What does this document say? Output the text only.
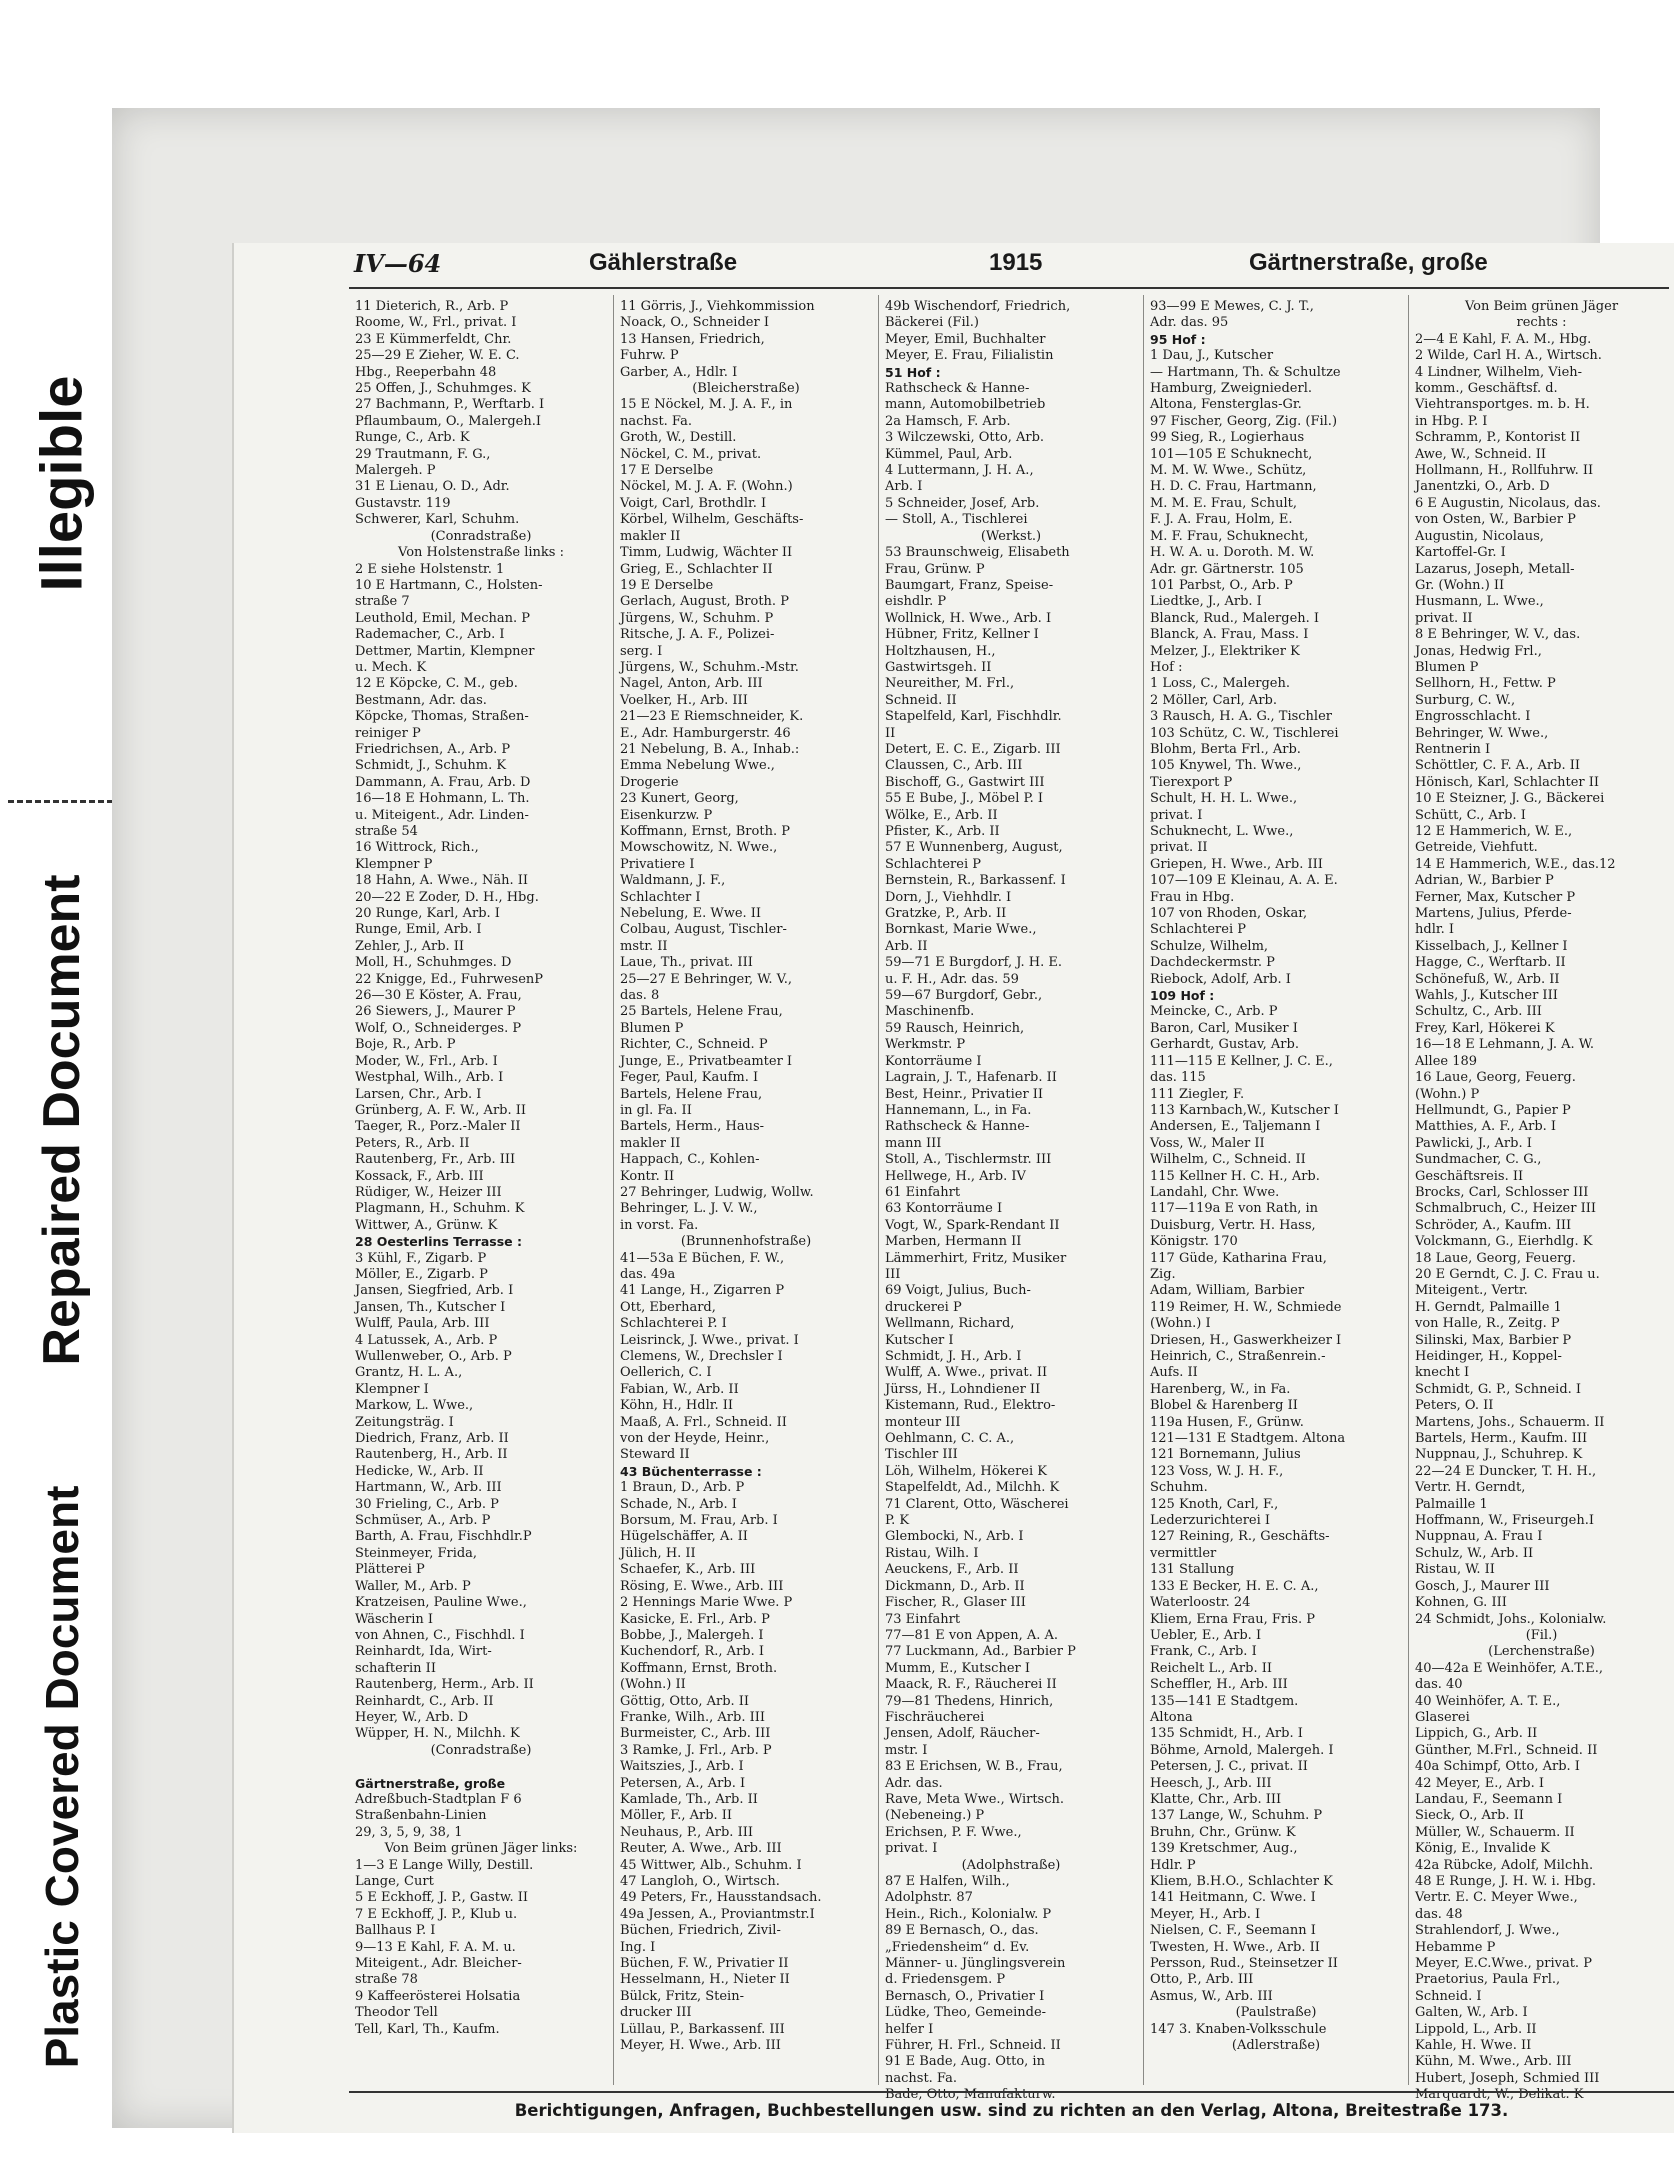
Illegible
Repaired Document
Plastic Covered Document
IV—64	Gählerstraße	1915	Gärtnerstraße, große
11 Dieterich, R., Arb. P
Roome, W., Frl., privat. I
23 E Kümmerfeldt, Chr.
25—29 E Zieher, W. E. C.
Hbg., Reeperbahn 48
25 Offen, J., Schuhmges. K
27 Bachmann, P., Werftarb. I
Pflaumbaum, O., Malergeh.I
Runge, C., Arb. K
29 Trautmann, F. G.,
Malergeh. P
31 E Lienau, O. D., Adr.
Gustavstr. 119
Schwerer, Karl, Schuhm.
(Conradstraße)
Von Holstenstraße links :
2 E siehe Holstenstr. 1
10 E Hartmann, C., Holsten-
straße 7
Leuthold, Emil, Mechan. P
Rademacher, C., Arb. I
Dettmer, Martin, Klempner
u. Mech. K
12 E Köpcke, C. M., geb.
Bestmann, Adr. das.
Köpcke, Thomas, Straßen-
reiniger P
Friedrichsen, A., Arb. P
Schmidt, J., Schuhm. K
Dammann, A. Frau, Arb. D
16—18 E Hohmann, L. Th.
u. Miteigent., Adr. Linden-
straße 54
16 Wittrock, Rich.,
Klempner P
18 Hahn, A. Wwe., Näh. II
20—22 E Zoder, D. H., Hbg.
20 Runge, Karl, Arb. I
Runge, Emil, Arb. I
Zehler, J., Arb. II
Moll, H., Schuhmges. D
22 Knigge, Ed., FuhrwesenP
26—30 E Köster, A. Frau,
26 Siewers, J., Maurer P
Wolf, O., Schneiderges. P
Boje, R., Arb. P
Moder, W., Frl., Arb. I
Westphal, Wilh., Arb. I
Larsen, Chr., Arb. I
Grünberg, A. F. W., Arb. II
Taeger, R., Porz.-Maler II
Peters, R., Arb. II
Rautenberg, Fr., Arb. III
Kossack, F., Arb. III
Rüdiger, W., Heizer III
Plagmann, H., Schuhm. K
Wittwer, A., Grünw. K
28 Oesterlins Terrasse :
3 Kühl, F., Zigarb. P
Möller, E., Zigarb. P
Jansen, Siegfried, Arb. I
Jansen, Th., Kutscher I
Wulff, Paula, Arb. III
4 Latussek, A., Arb. P
Wullenweber, O., Arb. P
Grantz, H. L. A.,
Klempner I
Markow, L. Wwe.,
Zeitungsträg. I
Diedrich, Franz, Arb. II
Rautenberg, H., Arb. II
Hedicke, W., Arb. II
Hartmann, W., Arb. III
30 Frieling, C., Arb. P
Schmüser, A., Arb. P
Barth, A. Frau, Fischhdlr.P
Steinmeyer, Frida,
Plätterei P
Waller, M., Arb. P
Kratzeisen, Pauline Wwe.,
Wäscherin I
von Ahnen, C., Fischhdl. I
Reinhardt, Ida, Wirt-
schafterin II
Rautenberg, Herm., Arb. II
Reinhardt, C., Arb. II
Heyer, W., Arb. D
Wüpper, H. N., Milchh. K
(Conradstraße)

Gärtnerstraße, große
Adreßbuch-Stadtplan F 6
Straßenbahn-Linien
29, 3, 5, 9, 38, 1
Von Beim grünen Jäger links:
1—3 E Lange Willy, Destill.
Lange, Curt
5 E Eckhoff, J. P., Gastw. II
7 E Eckhoff, J. P., Klub u.
Ballhaus P. I
9—13 E Kahl, F. A. M. u.
Miteigent., Adr. Bleicher-
straße 78
9 Kaffeerösterei Holsatia
Theodor Tell
Tell, Karl, Th., Kaufm.
11 Görris, J., Viehkommission
Noack, O., Schneider I
13 Hansen, Friedrich,
Fuhrw. P
Garber, A., Hdlr. I
(Bleicherstraße)
15 E Nöckel, M. J. A. F., in
nachst. Fa.
Groth, W., Destill.
Nöckel, C. M., privat.
17 E Derselbe
Nöckel, M. J. A. F. (Wohn.)
Voigt, Carl, Brothdlr. I
Körbel, Wilhelm, Geschäfts-
makler II
Timm, Ludwig, Wächter II
Grieg, E., Schlachter II
19 E Derselbe
Gerlach, August, Broth. P
Jürgens, W., Schuhm. P
Ritsche, J. A. F., Polizei-
serg. I
Jürgens, W., Schuhm.-Mstr.
Nagel, Anton, Arb. III
Voelker, H., Arb. III
21—23 E Riemschneider, K.
E., Adr. Hamburgerstr. 46
21 Nebelung, B. A., Inhab.:
Emma Nebelung Wwe.,
Drogerie
23 Kunert, Georg,
Eisenkurzw. P
Koffmann, Ernst, Broth. P
Mowschowitz, N. Wwe.,
Privatiere I
Waldmann, J. F.,
Schlachter I
Nebelung, E. Wwe. II
Colbau, August, Tischler-
mstr. II
Laue, Th., privat. III
25—27 E Behringer, W. V.,
das. 8
25 Bartels, Helene Frau,
Blumen P
Richter, C., Schneid. P
Junge, E., Privatbeamter I
Feger, Paul, Kaufm. I
Bartels, Helene Frau,
in gl. Fa. II
Bartels, Herm., Haus-
makler II
Happach, C., Kohlen-
Kontr. II
27 Behringer, Ludwig, Wollw.
Behringer, L. J. V. W.,
in vorst. Fa.
(Brunnenhofstraße)
41—53a E Büchen, F. W.,
das. 49a
41 Lange, H., Zigarren P
Ott, Eberhard,
Schlachterei P. I
Leisrinck, J. Wwe., privat. I
Clemens, W., Drechsler I
Oellerich, C. I
Fabian, W., Arb. II
Köhn, H., Hdlr. II
Maaß, A. Frl., Schneid. II
von der Heyde, Heinr.,
Steward II
43 Büchenterrasse :
1 Braun, D., Arb. P
Schade, N., Arb. I
Borsum, M. Frau, Arb. I
Hügelschäffer, A. II
Jülich, H. II
Schaefer, K., Arb. III
Rösing, E. Wwe., Arb. III
2 Hennings Marie Wwe. P
Kasicke, E. Frl., Arb. P
Bobbe, J., Malergeh. I
Kuchendorf, R., Arb. I
Koffmann, Ernst, Broth.
(Wohn.) II
Göttig, Otto, Arb. II
Franke, Wilh., Arb. III
Burmeister, C., Arb. III
3 Ramke, J. Frl., Arb. P
Waitszies, J., Arb. I
Petersen, A., Arb. I
Kamlade, Th., Arb. II
Möller, F., Arb. II
Neuhaus, P., Arb. III
Reuter, A. Wwe., Arb. III
45 Wittwer, Alb., Schuhm. I
47 Langloh, O., Wirtsch.
49 Peters, Fr., Hausstandsach.
49a Jessen, A., Proviantmstr.I
Büchen, Friedrich, Zivil-
Ing. I
Büchen, F. W., Privatier II
Hesselmann, H., Nieter II
Bülck, Fritz, Stein-
drucker III
Lüllau, P., Barkassenf. III
Meyer, H. Wwe., Arb. III
49b Wischendorf, Friedrich,
Bäckerei (Fil.)
Meyer, Emil, Buchhalter
Meyer, E. Frau, Filialistin
51 Hof :
Rathscheck & Hanne-
mann, Automobilbetrieb
2a Hamsch, F. Arb.
3 Wilczewski, Otto, Arb.
Kümmel, Paul, Arb.
4 Luttermann, J. H. A.,
Arb. I
5 Schneider, Josef, Arb.
— Stoll, A., Tischlerei
(Werkst.)
53 Braunschweig, Elisabeth
Frau, Grünw. P
Baumgart, Franz, Speise-
eishdlr. P
Wollnick, H. Wwe., Arb. I
Hübner, Fritz, Kellner I
Holtzhausen, H.,
Gastwirtsgeh. II
Neureither, M. Frl.,
Schneid. II
Stapelfeld, Karl, Fischhdlr.
II
Detert, E. C. E., Zigarb. III
Claussen, C., Arb. III
Bischoff, G., Gastwirt III
55 E Bube, J., Möbel P. I
Wölke, E., Arb. II
Pfister, K., Arb. II
57 E Wunnenberg, August,
Schlachterei P
Bernstein, R., Barkassenf. I
Dorn, J., Viehhdlr. I
Gratzke, P., Arb. II
Bornkast, Marie Wwe.,
Arb. II
59—71 E Burgdorf, J. H. E.
u. F. H., Adr. das. 59
59—67 Burgdorf, Gebr.,
Maschinenfb.
59 Rausch, Heinrich,
Werkmstr. P
Kontorräume I
Lagrain, J. T., Hafenarb. II
Best, Heinr., Privatier II
Hannemann, L., in Fa.
Rathscheck & Hanne-
mann III
Stoll, A., Tischlermstr. III
Hellwege, H., Arb. IV
61 Einfahrt
63 Kontorräume I
Vogt, W., Spark-Rendant II
Marben, Hermann II
Lämmerhirt, Fritz, Musiker
III
69 Voigt, Julius, Buch-
druckerei P
Wellmann, Richard,
Kutscher I
Schmidt, J. H., Arb. I
Wulff, A. Wwe., privat. II
Jürss, H., Lohndiener II
Kistemann, Rud., Elektro-
monteur III
Oehlmann, C. C. A.,
Tischler III
Löh, Wilhelm, Hökerei K
Stapelfeldt, Ad., Milchh. K
71 Clarent, Otto, Wäscherei
P. K
Glembocki, N., Arb. I
Ristau, Wilh. I
Aeuckens, F., Arb. II
Dickmann, D., Arb. II
Fischer, R., Glaser III
73 Einfahrt
77—81 E von Appen, A. A.
77 Luckmann, Ad., Barbier P
Mumm, E., Kutscher I
Maack, R. F., Räucherei II
79—81 Thedens, Hinrich,
Fischräucherei
Jensen, Adolf, Räucher-
mstr. I
83 E Erichsen, W. B., Frau,
Adr. das.
Rave, Meta Wwe., Wirtsch.
(Nebeneing.) P
Erichsen, P. F. Wwe.,
privat. I
(Adolphstraße)
87 E Halfen, Wilh.,
Adolphstr. 87
Hein., Rich., Kolonialw. P
89 E Bernasch, O., das.
„Friedensheim“ d. Ev.
Männer- u. Jünglingsverein
d. Friedensgem. P
Bernasch, O., Privatier I
Lüdke, Theo, Gemeinde-
helfer I
Führer, H. Frl., Schneid. II
91 E Bade, Aug. Otto, in
nachst. Fa.
Bade, Otto, Manufakturw.
93—99 E Mewes, C. J. T.,
Adr. das. 95
95 Hof :
1 Dau, J., Kutscher
— Hartmann, Th. & Schultze
Hamburg, Zweigniederl.
Altona, Fensterglas-Gr.
97 Fischer, Georg, Zig. (Fil.)
99 Sieg, R., Logierhaus
101—105 E Schuknecht,
M. M. W. Wwe., Schütz,
H. D. C. Frau, Hartmann,
M. M. E. Frau, Schult,
F. J. A. Frau, Holm, E.
M. F. Frau, Schuknecht,
H. W. A. u. Doroth. M. W.
Adr. gr. Gärtnerstr. 105
101 Parbst, O., Arb. P
Liedtke, J., Arb. I
Blanck, Rud., Malergeh. I
Blanck, A. Frau, Mass. I
Melzer, J., Elektriker K
Hof :
1 Loss, C., Malergeh.
2 Möller, Carl, Arb.
3 Rausch, H. A. G., Tischler
103 Schütz, C. W., Tischlerei
Blohm, Berta Frl., Arb.
105 Knywel, Th. Wwe.,
Tierexport P
Schult, H. H. L. Wwe.,
privat. I
Schuknecht, L. Wwe.,
privat. II
Griepen, H. Wwe., Arb. III
107—109 E Kleinau, A. A. E.
Frau in Hbg.
107 von Rhoden, Oskar,
Schlachterei P
Schulze, Wilhelm,
Dachdeckermstr. P
Riebock, Adolf, Arb. I
109 Hof :
Meincke, C., Arb. P
Baron, Carl, Musiker I
Gerhardt, Gustav, Arb.
111—115 E Kellner, J. C. E.,
das. 115
111 Ziegler, F.
113 Karnbach,W., Kutscher I
Andersen, E., Taljemann I
Voss, W., Maler II
Wilhelm, C., Schneid. II
115 Kellner H. C. H., Arb.
Landahl, Chr. Wwe.
117—119a E von Rath, in
Duisburg, Vertr. H. Hass,
Königstr. 170
117 Güde, Katharina Frau,
Zig.
Adam, William, Barbier
119 Reimer, H. W., Schmiede
(Wohn.) I
Driesen, H., Gaswerkheizer I
Heinrich, C., Straßenrein.-
Aufs. II
Harenberg, W., in Fa.
Blobel & Harenberg II
119a Husen, F., Grünw.
121—131 E Stadtgem. Altona
121 Bornemann, Julius
123 Voss, W. J. H. F.,
Schuhm.
125 Knoth, Carl, F.,
Lederzurichterei I
127 Reining, R., Geschäfts-
vermittler
131 Stallung
133 E Becker, H. E. C. A.,
Waterloostr. 24
Kliem, Erna Frau, Fris. P
Uebler, E., Arb. I
Frank, C., Arb. I
Reichelt L., Arb. II
Scheffler, H., Arb. III
135—141 E Stadtgem.
Altona
135 Schmidt, H., Arb. I
Böhme, Arnold, Malergeh. I
Petersen, J. C., privat. II
Heesch, J., Arb. III
Klatte, Chr., Arb. III
137 Lange, W., Schuhm. P
Bruhn, Chr., Grünw. K
139 Kretschmer, Aug.,
Hdlr. P
Kliem, B.H.O., Schlachter K
141 Heitmann, C. Wwe. I
Meyer, H., Arb. I
Nielsen, C. F., Seemann I
Twesten, H. Wwe., Arb. II
Persson, Rud., Steinsetzer II
Otto, P., Arb. III
Asmus, W., Arb. III
(Paulstraße)
147 3. Knaben-Volksschule
(Adlerstraße)
Von Beim grünen Jäger
rechts :
2—4 E Kahl, F. A. M., Hbg.
2 Wilde, Carl H. A., Wirtsch.
4 Lindner, Wilhelm, Vieh-
komm., Geschäftsf. d.
Viehtransportges. m. b. H.
in Hbg. P. I
Schramm, P., Kontorist II
Awe, W., Schneid. II
Hollmann, H., Rollfuhrw. II
Janentzki, O., Arb. D
6 E Augustin, Nicolaus, das.
von Osten, W., Barbier P
Augustin, Nicolaus,
Kartoffel-Gr. I
Lazarus, Joseph, Metall-
Gr. (Wohn.) II
Husmann, L. Wwe.,
privat. II
8 E Behringer, W. V., das.
Jonas, Hedwig Frl.,
Blumen P
Sellhorn, H., Fettw. P
Surburg, C. W.,
Engrosschlacht. I
Behringer, W. Wwe.,
Rentnerin I
Schöttler, C. F. A., Arb. II
Hönisch, Karl, Schlachter II
10 E Steizner, J. G., Bäckerei
Schütt, C., Arb. I
12 E Hammerich, W. E.,
Getreide, Viehfutt.
14 E Hammerich, W.E., das.12
Adrian, W., Barbier P
Ferner, Max, Kutscher P
Martens, Julius, Pferde-
hdlr. I
Kisselbach, J., Kellner I
Hagge, C., Werftarb. II
Schönefuß, W., Arb. II
Wahls, J., Kutscher III
Schultz, C., Arb. III
Frey, Karl, Hökerei K
16—18 E Lehmann, J. A. W.
Allee 189
16 Laue, Georg, Feuerg.
(Wohn.) P
Hellmundt, G., Papier P
Matthies, A. F., Arb. I
Pawlicki, J., Arb. I
Sundmacher, C. G.,
Geschäftsreis. II
Brocks, Carl, Schlosser III
Schmalbruch, C., Heizer III
Schröder, A., Kaufm. III
Volckmann, G., Eierhdlg. K
18 Laue, Georg, Feuerg.
20 E Gerndt, C. J. C. Frau u.
Miteigent., Vertr.
H. Gerndt, Palmaille 1
von Halle, R., Zeitg. P
Silinski, Max, Barbier P
Heidinger, H., Koppel-
knecht I
Schmidt, G. P., Schneid. I
Peters, O. II
Martens, Johs., Schauerm. II
Bartels, Herm., Kaufm. III
Nuppnau, J., Schuhrep. K
22—24 E Duncker, T. H. H.,
Vertr. H. Gerndt,
Palmaille 1
Hoffmann, W., Friseurgeh.I
Nuppnau, A. Frau I
Schulz, W., Arb. II
Ristau, W. II
Gosch, J., Maurer III
Kohnen, G. III
24 Schmidt, Johs., Kolonialw.
(Fil.)
(Lerchenstraße)
40—42a E Weinhöfer, A.T.E.,
das. 40
40 Weinhöfer, A. T. E.,
Glaserei
Lippich, G., Arb. II
Günther, M.Frl., Schneid. II
40a Schimpf, Otto, Arb. I
42 Meyer, E., Arb. I
Landau, F., Seemann I
Sieck, O., Arb. II
Müller, W., Schauerm. II
König, E., Invalide K
42a Rübcke, Adolf, Milchh.
48 E Runge, J. H. W. i. Hbg.
Vertr. E. C. Meyer Wwe.,
das. 48
Strahlendorf, J. Wwe.,
Hebamme P
Meyer, E.C.Wwe., privat. P
Praetorius, Paula Frl.,
Schneid. I
Galten, W., Arb. I
Lippold, L., Arb. II
Kahle, H. Wwe. II
Kühn, M. Wwe., Arb. III
Hubert, Joseph, Schmied III
Marquardt, W., Delikat. K
Berichtigungen, Anfragen, Buchbestellungen usw. sind zu richten an den Verlag, Altona, Breitestraße 173.
